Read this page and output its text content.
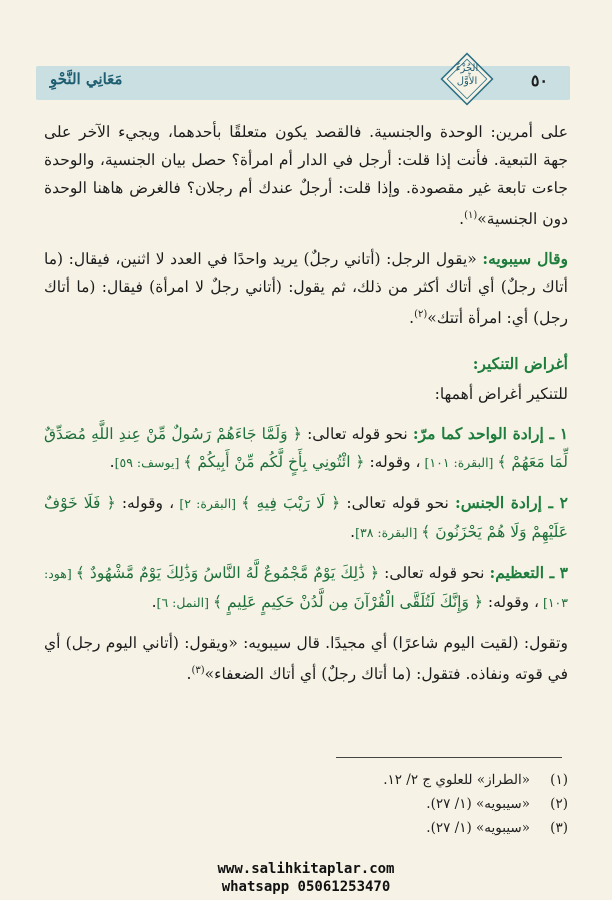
مَعَانِي النَّحْوِ	٥٠
الجُزْءُ
الأَوَّل

على أمرين: الوحدة والجنسية. فالقصد يكون متعلقًا بأحدهما، ويجيء الآخر على جهة التبعية. فأنت إذا قلت: أرجل في الدار أم امرأة؟ حصل بيان الجنسية، والوحدة جاءت تابعة غير مقصودة. وإذا قلت: أرجلٌ عندك أم رجلان؟ فالغرض هاهنا الوحدة دون الجنسية»$^{(١)}$.

وقال سيبويه: «يقول الرجل: (أتاني رجلٌ) يريد واحدًا في العدد لا اثنين، فيقال: (ما أتاك رجلٌ) أي أتاك أكثر من ذلك، ثم يقول: (أتاني رجلٌ لا امرأة) فيقال: (ما أتاك رجل) أي: امرأة أتتك»$^{(٢)}$.

أغراض التنكير:

للتنكير أغراض أهمها:

١ ـ إرادة الواحد كما مرّ: نحو قوله تعالى: ﴿ وَلَمَّا جَاءَهُمْ رَسُولٌ مِّنْ عِندِ اللَّهِ مُصَدِّقٌ لِّمَا مَعَهُمْ ﴾ [البقرة: ١٠١] ، وقوله: ﴿ ائْتُونِي بِأَخٍ لَّكُم مِّنْ أَبِيكُمْ ﴾ [يوسف: ٥٩].

٢ ـ إرادة الجنس: نحو قوله تعالى: ﴿ لَا رَيْبَ فِيهِ ﴾ [البقرة: ٢] ، وقوله: ﴿ فَلَا خَوْفٌ عَلَيْهِمْ وَلَا هُمْ يَحْزَنُونَ ﴾ [البقرة: ٣٨].

٣ ـ التعظيم: نحو قوله تعالى: ﴿ ذَٰلِكَ يَوْمٌ مَّجْمُوعٌ لَّهُ النَّاسُ وَذَٰلِكَ يَوْمٌ مَّشْهُودٌ ﴾ [هود: ١٠٣] ، وقوله: ﴿ وَإِنَّكَ لَتُلَقَّى الْقُرْآنَ مِن لَّدُنْ حَكِيمٍ عَلِيمٍ ﴾ [النمل: ٦].

وتقول: (لقيت اليوم شاعرًا) أي مجيدًا. قال سيبويه: «ويقول: (أتاني اليوم رجل) أي في قوته ونفاذه. فتقول: (ما أتاك رجلٌ) أي أتاك الضعفاء»$^{(٣)}$.

(١)«الطراز» للعلوي ج ٢/ ١٢.

(٢)«سيبويه» (١/ ٢٧).

(٣)«سيبويه» (١/ ٢٧).

www.salihkitaplar.com
whatsapp 05061253470
